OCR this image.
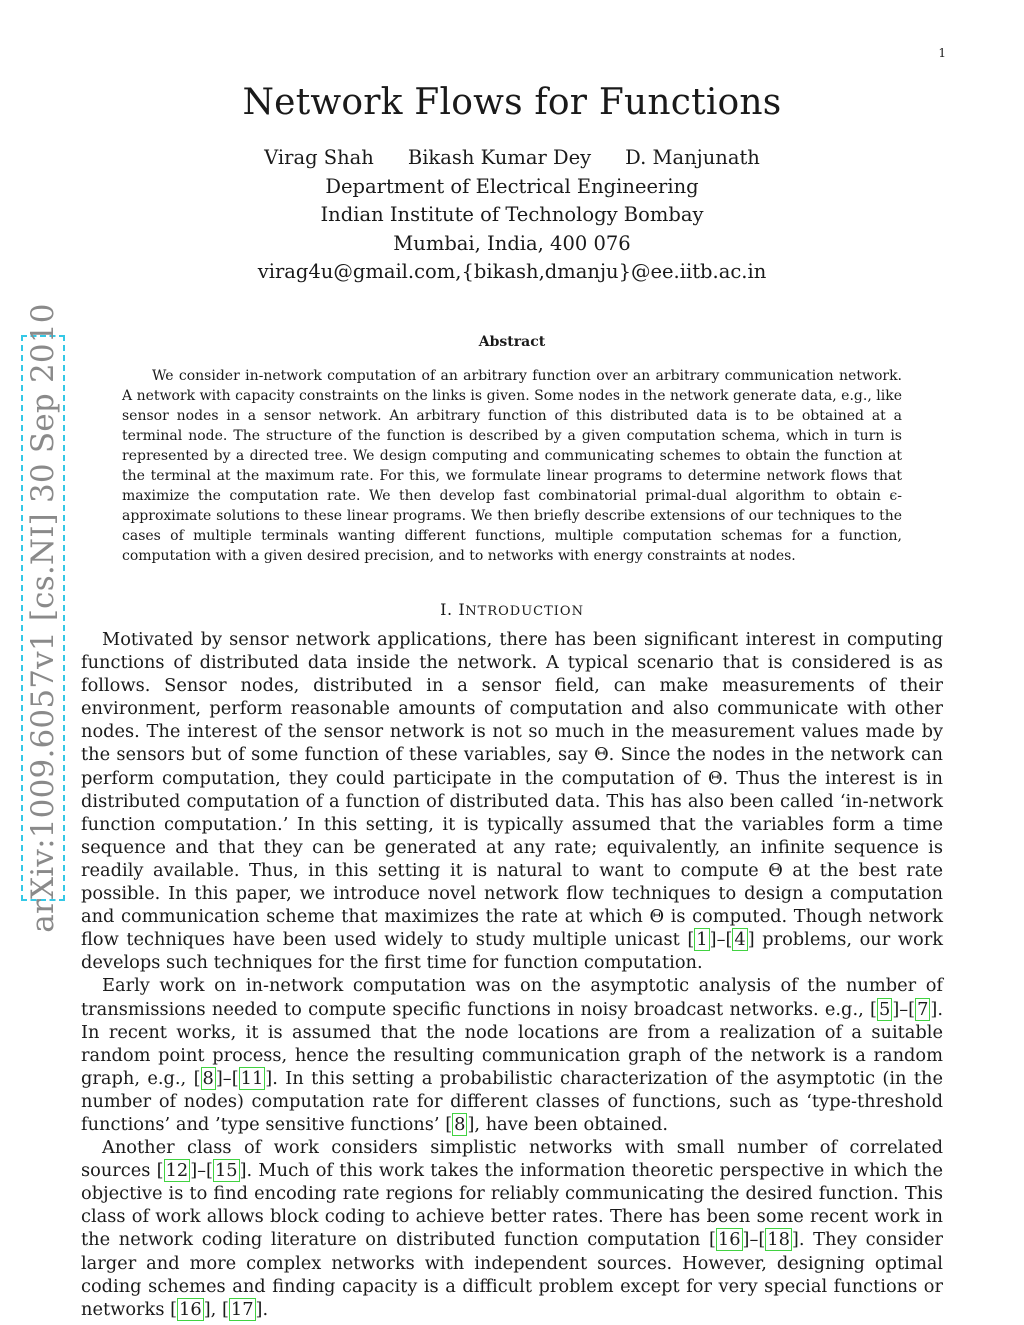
1
Network Flows for Functions
Virag Shah Bikash Kumar Dey D. Manjunath
Department of Electrical Engineering
Indian Institute of Technology Bombay
Mumbai, India, 400 076
virag4u@gmail.com,{bikash,dmanju}@ee.iitb.ac.in
arXiv:1009.6057v1 [cs.NI] 30 Sep 2010	Abstract

We consider in-network computation of an arbitrary function over an arbitrary communication network. A network with capacity constraints on the links is given. Some nodes in the network generate data, e.g., like sensor nodes in a sensor network. An arbitrary function of this distributed data is to be obtained at a terminal node. The structure of the function is described by a given computation schema, which in turn is represented by a directed tree. We design computing and communicating schemes to obtain the function at the terminal at the maximum rate. For this, we formulate linear programs to determine network flows that maximize the computation rate. We then develop fast combinatorial primal-dual algorithm to obtain ϵ-approximate solutions to these linear programs. We then briefly describe extensions of our techniques to the cases of multiple terminals wanting different functions, multiple computation schemas for a function, computation with a given desired precision, and to networks with energy constraints at nodes.

I. INTRODUCTION

Motivated by sensor network applications, there has been significant interest in computing functions of distributed data inside the network. A typical scenario that is considered is as follows. Sensor nodes, distributed in a sensor field, can make measurements of their environment, perform reasonable amounts of computation and also communicate with other nodes. The interest of the sensor network is not so much in the measurement values made by the sensors but of some function of these variables, say Θ. Since the nodes in the network can perform computation, they could participate in the computation of Θ. Thus the interest is in distributed computation of a function of distributed data. This has also been called ‘in-network function computation.’ In this setting, it is typically assumed that the variables form a time sequence and that they can be generated at any rate; equivalently, an infinite sequence is readily available. Thus, in this setting it is natural to want to compute Θ at the best rate possible. In this paper, we introduce novel network flow techniques to design a computation and communication scheme that maximizes the rate at which Θ is computed. Though network flow techniques have been used widely to study multiple unicast [ 1 ]–[ 4 ] problems, our work develops such techniques for the first time for function computation.

Early work on in-network computation was on the asymptotic analysis of the number of transmissions needed to compute specific functions in noisy broadcast networks. e.g., [ 5 ]–[ 7 ]. In recent works, it is assumed that the node locations are from a realization of a suitable random point process, hence the resulting communication graph of the network is a random graph, e.g., [ 8 ]–[ 11 ]. In this setting a probabilistic characterization of the asymptotic (in the number of nodes) computation rate for different classes of functions, such as ‘type-threshold functions’ and ’type sensitive functions’ [ 8 ], have been obtained.

Another class of work considers simplistic networks with small number of correlated sources [ 12 ]–[ 15 ]. Much of this work takes the information theoretic perspective in which the objective is to find encoding rate regions for reliably communicating the desired function. This class of work allows block coding to achieve better rates. There has been some recent work in the network coding literature on distributed function computation [ 16 ]–[ 18 ]. They consider larger and more complex networks with independent sources. However, designing optimal coding schemes and finding capacity is a difficult problem except for very special functions or networks [ 16 ], [ 17 ].
